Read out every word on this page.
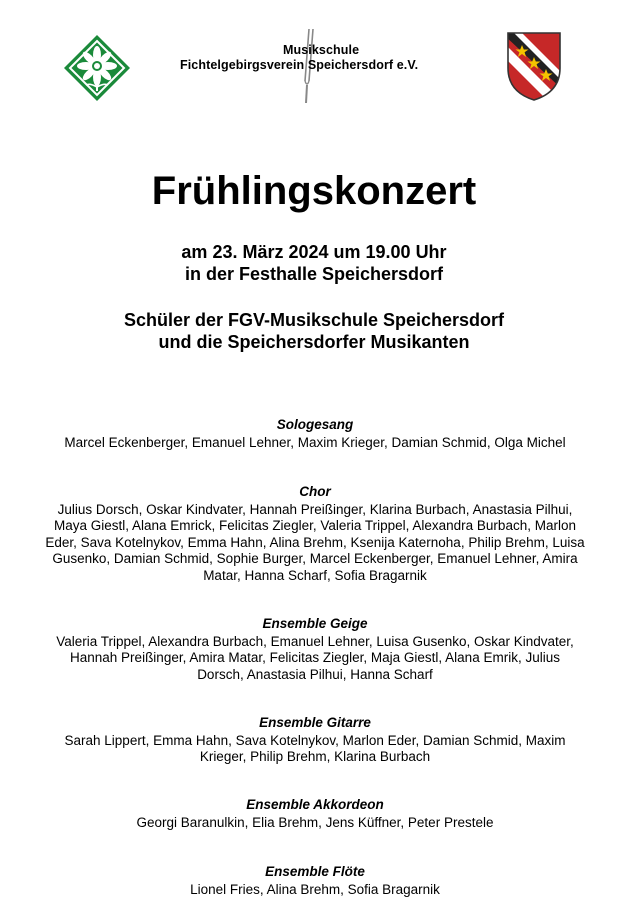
Musikschule
Fichtelgebirgsverein Speichersdorf e.V.
Frühlingskonzert
am 23. März 2024 um 19.00 Uhr
in der Festhalle Speichersdorf
Schüler der FGV-Musikschule Speichersdorf
und die Speichersdorfer Musikanten
Sologesang
Marcel Eckenberger, Emanuel Lehner, Maxim Krieger, Damian Schmid, Olga Michel
Chor
Julius Dorsch, Oskar Kindvater, Hannah Preißinger, Klarina Burbach, Anastasia Pilhui,
Maya Giestl, Alana Emrick, Felicitas Ziegler, Valeria Trippel, Alexandra Burbach, Marlon
Eder, Sava Kotelnykov, Emma Hahn, Alina Brehm, Ksenija Katernoha, Philip Brehm, Luisa
Gusenko, Damian Schmid, Sophie Burger, Marcel Eckenberger, Emanuel Lehner, Amira
Matar, Hanna Scharf, Sofia Bragarnik
Ensemble Geige
Valeria Trippel, Alexandra Burbach, Emanuel Lehner, Luisa Gusenko, Oskar Kindvater,
Hannah Preißinger, Amira Matar, Felicitas Ziegler, Maja Giestl, Alana Emrik, Julius
Dorsch, Anastasia Pilhui, Hanna Scharf
Ensemble Gitarre
Sarah Lippert, Emma Hahn, Sava Kotelnykov, Marlon Eder, Damian Schmid, Maxim
Krieger, Philip Brehm, Klarina Burbach
Ensemble Akkordeon
Georgi Baranulkin, Elia Brehm, Jens Küffner, Peter Prestele
Ensemble Flöte
Lionel Fries, Alina Brehm, Sofia Bragarnik
